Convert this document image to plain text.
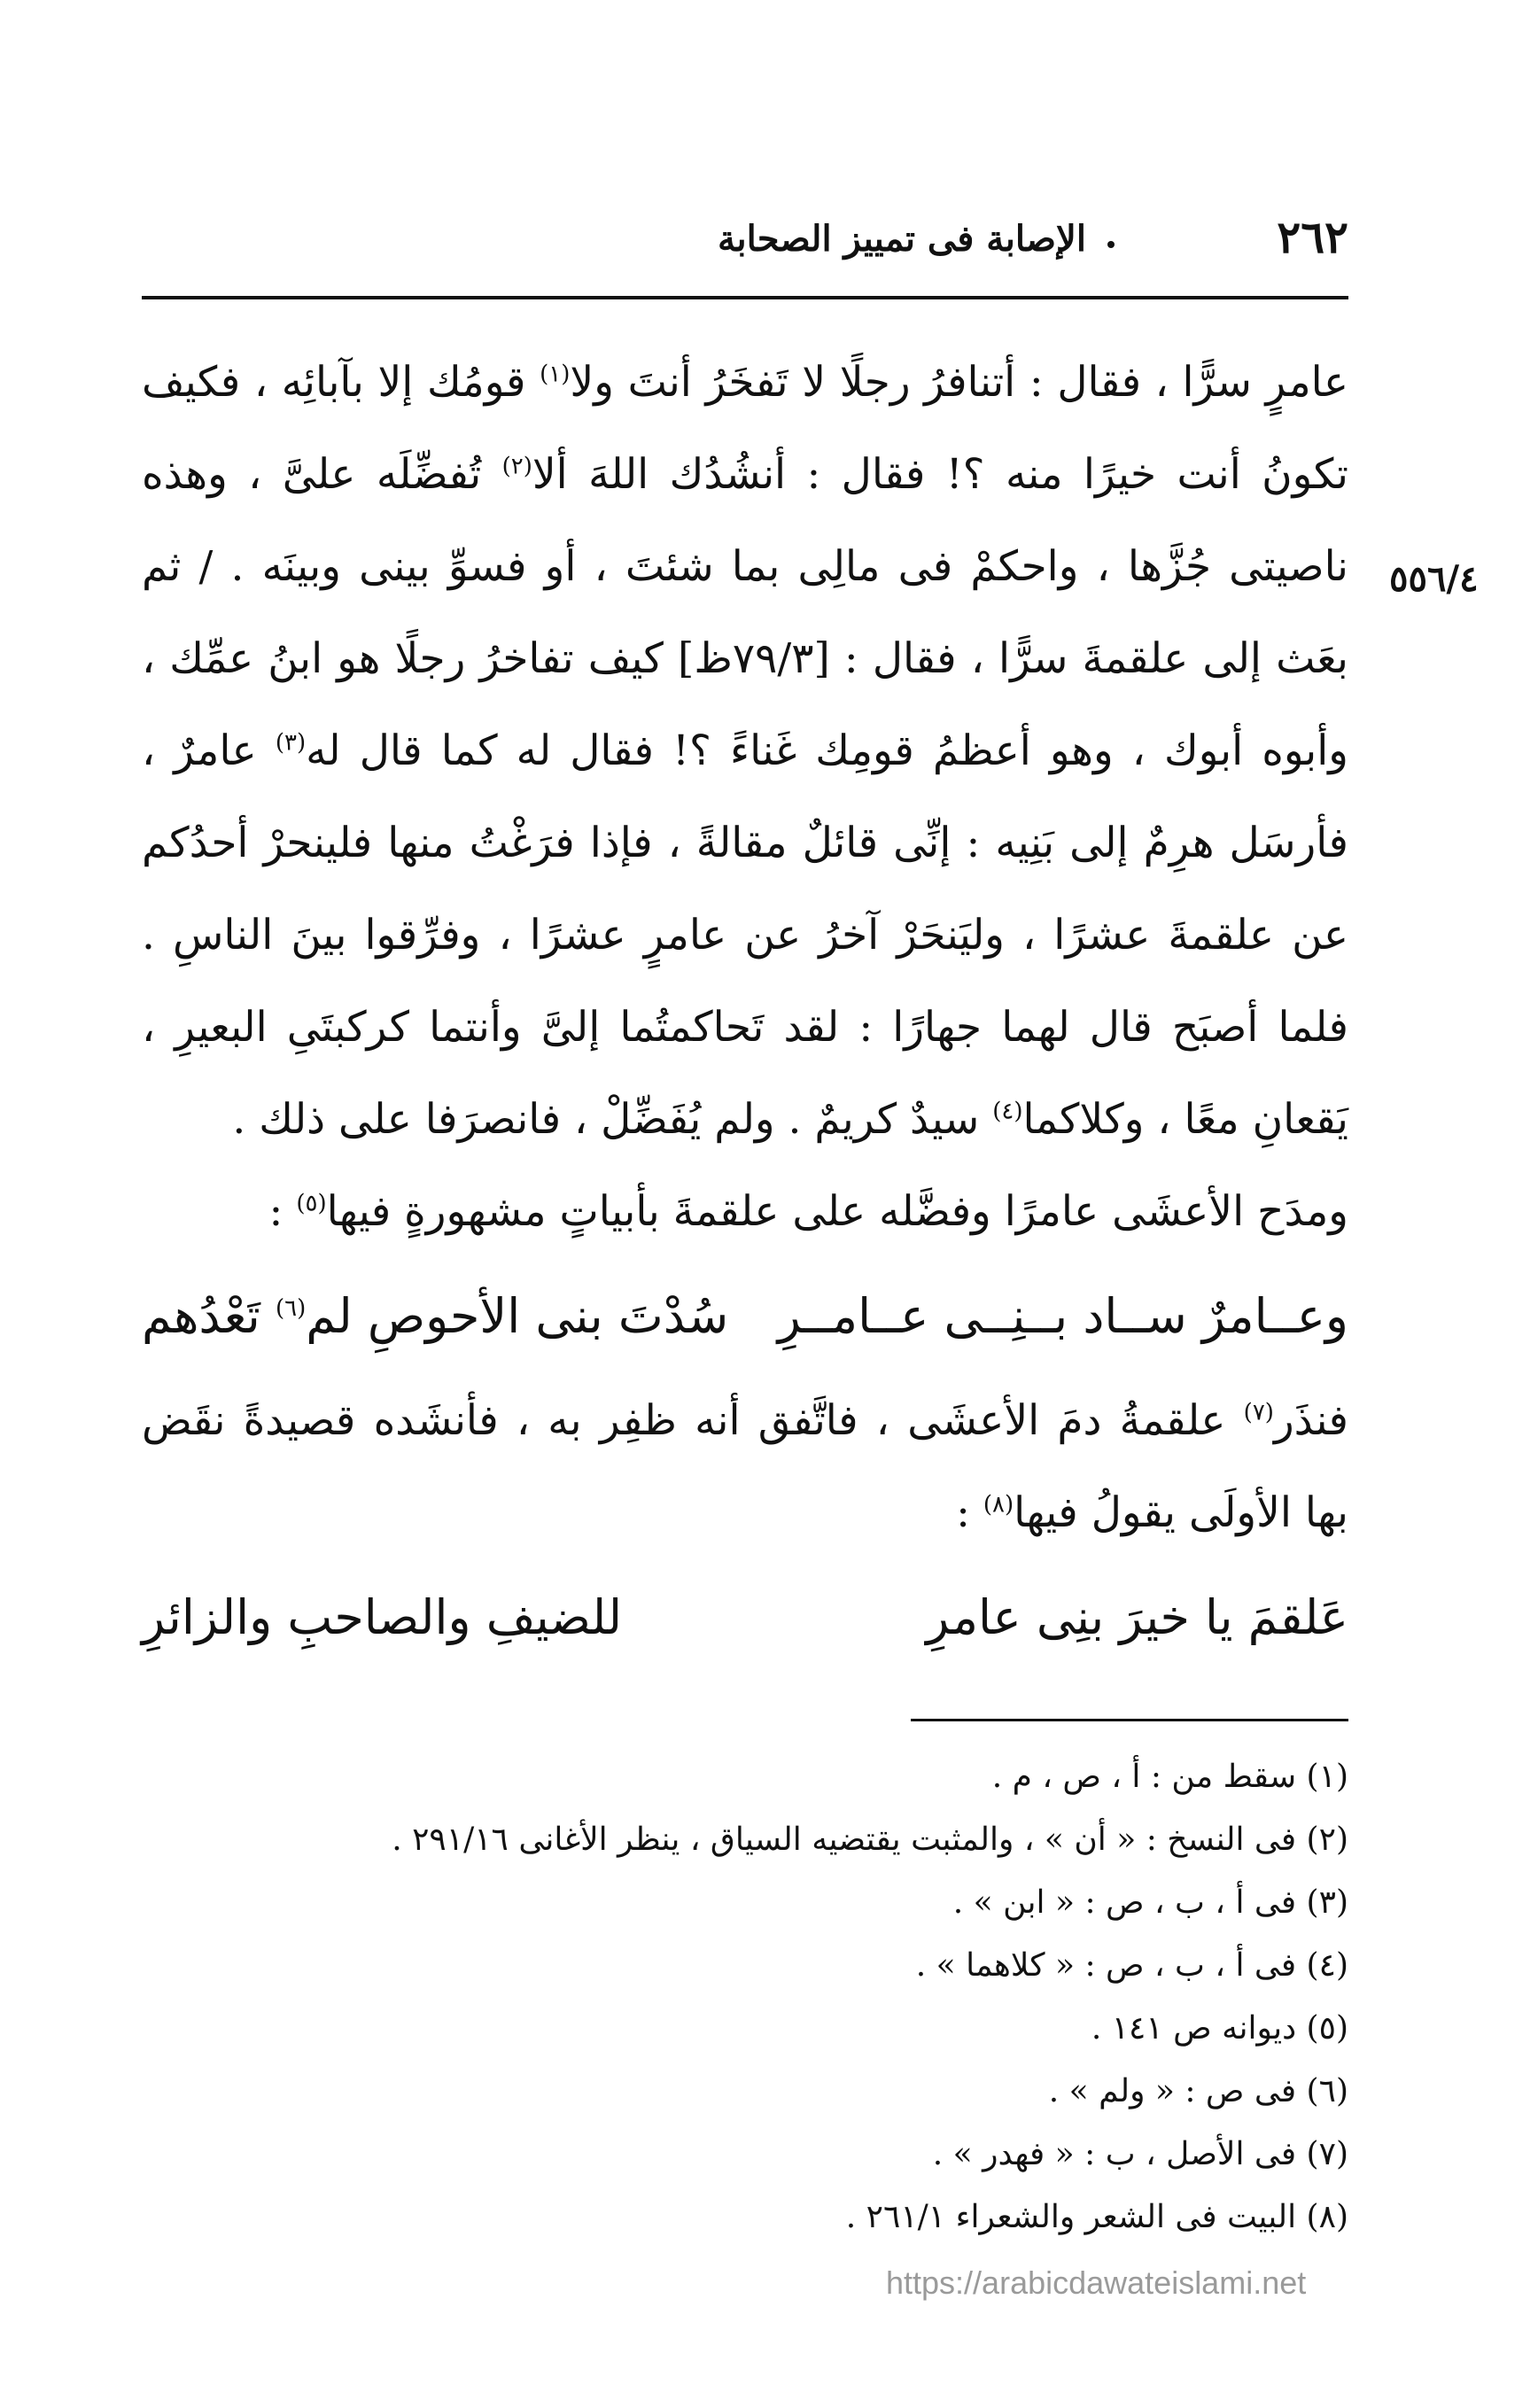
٢٦٢
الإصابة فى تمييز الصحابة
٥٥٦/٤

عامرٍ سرًّا ، فقال : أتنافرُ رجلًا لا تَفخَرُ أنتَ ولا$^{(١)}$ قومُك إلا بآبائِه ، فكيف تكونُ أنت خيرًا منه ؟! فقال : أنشُدُك اللهَ ألا$^{(٢)}$ تُفضِّلَه علىَّ ، وهذه ناصيتى جُزَّها ، واحكمْ فى مالِى بما شئتَ ، أو فسوِّ بينى وبينَه . / ثم بعَث إلى علقمةَ سرًّا ، فقال : [٧٩/٣ظ] كيف تفاخرُ رجلًا هو ابنُ عمِّك ، وأبوه أبوك ، وهو أعظمُ قومِك غَناءً ؟! فقال له كما قال له$^{(٣)}$ عامرٌ ، فأرسَل هرِمٌ إلى بَنِيه : إنِّى قائلٌ مقالةً ، فإذا فرَغْتُ منها فلينحرْ أحدُكم عن علقمةَ عشرًا ، وليَنحَرْ آخرُ عن عامرٍ عشرًا ، وفرِّقوا بينَ الناسِ . فلما أصبَح قال لهما جهارًا : لقد تَحاكمتُما إلىَّ وأنتما كركبتَىِ البعيرِ ، يَقعانِ معًا ، وكلاكما$^{(٤)}$ سيدٌ كريمٌ . ولم يُفَضِّلْ ، فانصرَفا على ذلك .

ومدَح الأعشَى عامرًا وفضَّله على علقمةَ بأبياتٍ مشهورةٍ فيها$^{(٥)}$ :

وعــامرٌ ســاد بــنِــى عــامــرِ
سُدْتَ بنى الأحوصِ لم$^{(٦)}$ تَعْدُهم

فنذَر$^{(٧)}$ علقمةُ دمَ الأعشَى ، فاتَّفق أنه ظفِر به ، فأنشَده قصيدةً نقَض بها الأولَى يقولُ فيها$^{(٨)}$ :

عَلقمَ يا خيرَ بنِى عامرِ
للضيفِ والصاحبِ والزائرِ

(١) سقط من : أ ، ص ، م .

(٢) فى النسخ : « أن » ، والمثبت يقتضيه السياق ، ينظر الأغانى ٢٩١/١٦ .

(٣) فى أ ، ب ، ص : « ابن » .

(٤) فى أ ، ب ، ص : « كلاهما » .

(٥) ديوانه ص ١٤١ .

(٦) فى ص : « ولم » .

(٧) فى الأصل ، ب : « فهدر » .

(٨) البيت فى الشعر والشعراء ٢٦١/١ .

https://arabicdawateislami.net
